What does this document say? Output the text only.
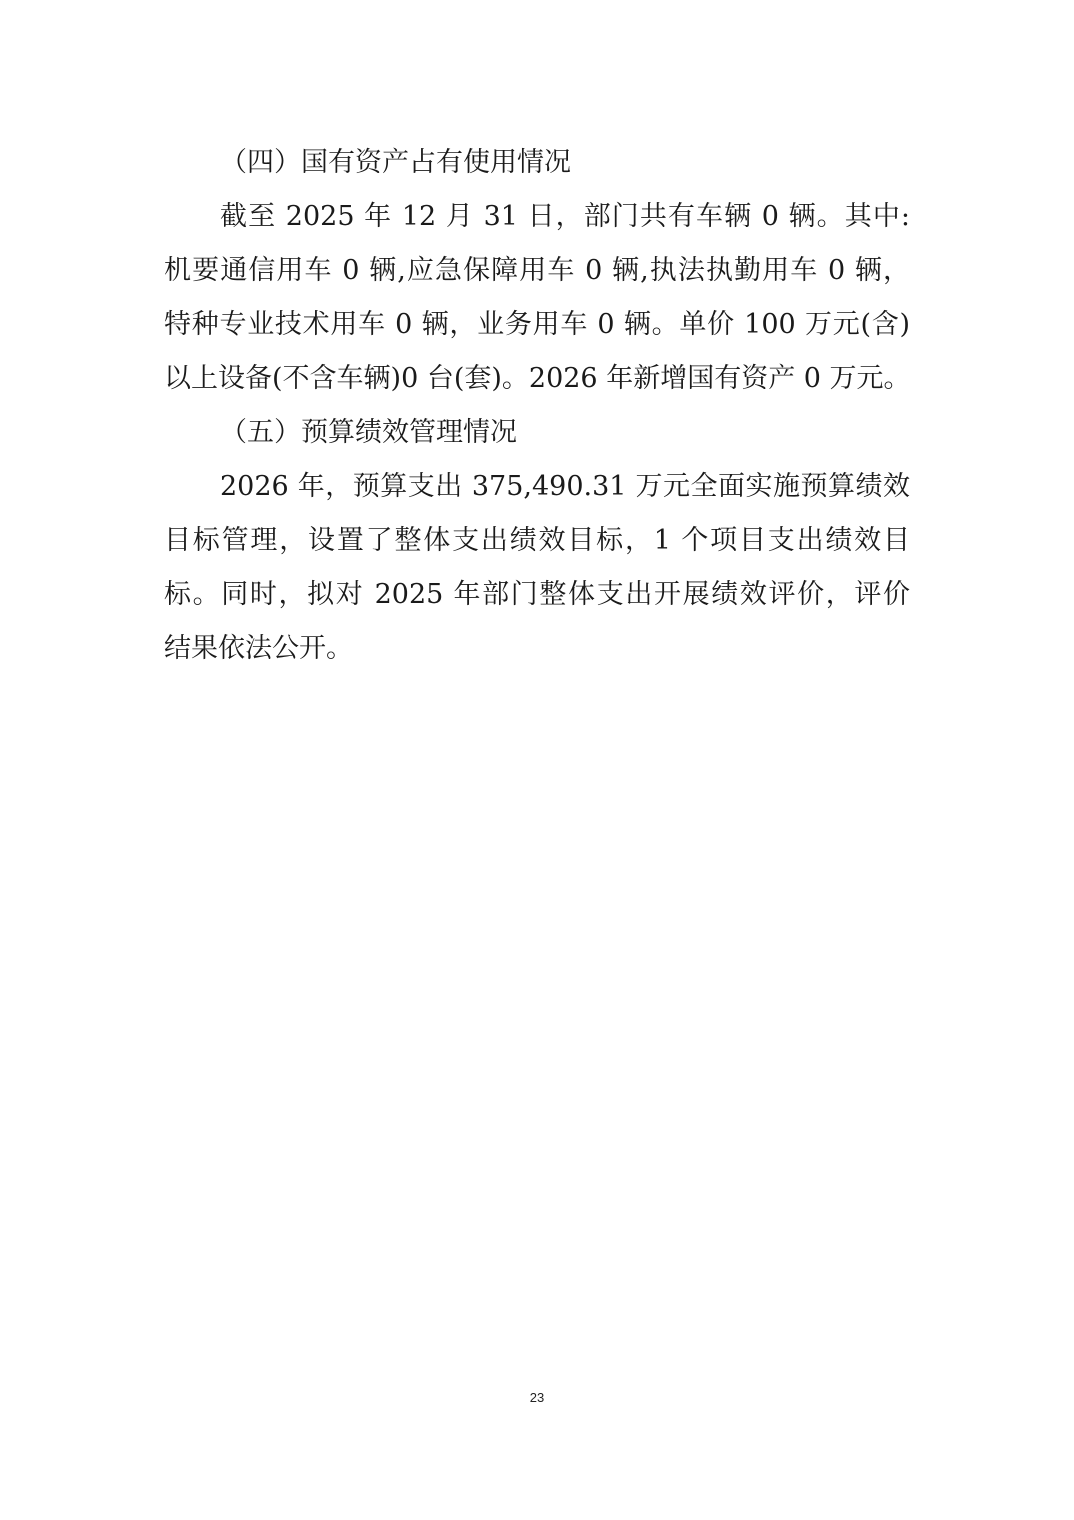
（四）国有资产占有使用情况
截至 2025 年 12 月 31 日，部门共有车辆 0 辆。其中:
机要通信用车 0 辆,应急保障用车 0 辆,执法执勤用车 0 辆，
特种专业技术用车 0 辆，业务用车 0 辆。单价 100 万元(含)
以上设备(不含车辆)0 台(套)。2026 年新增国有资产 0 万元。
（五）预算绩效管理情况
2026 年，预算支出 375,490.31 万元全面实施预算绩效
目标管理，设置了整体支出绩效目标，1 个项目支出绩效目
标。同时，拟对 2025 年部门整体支出开展绩效评价，评价
结果依法公开。
23
